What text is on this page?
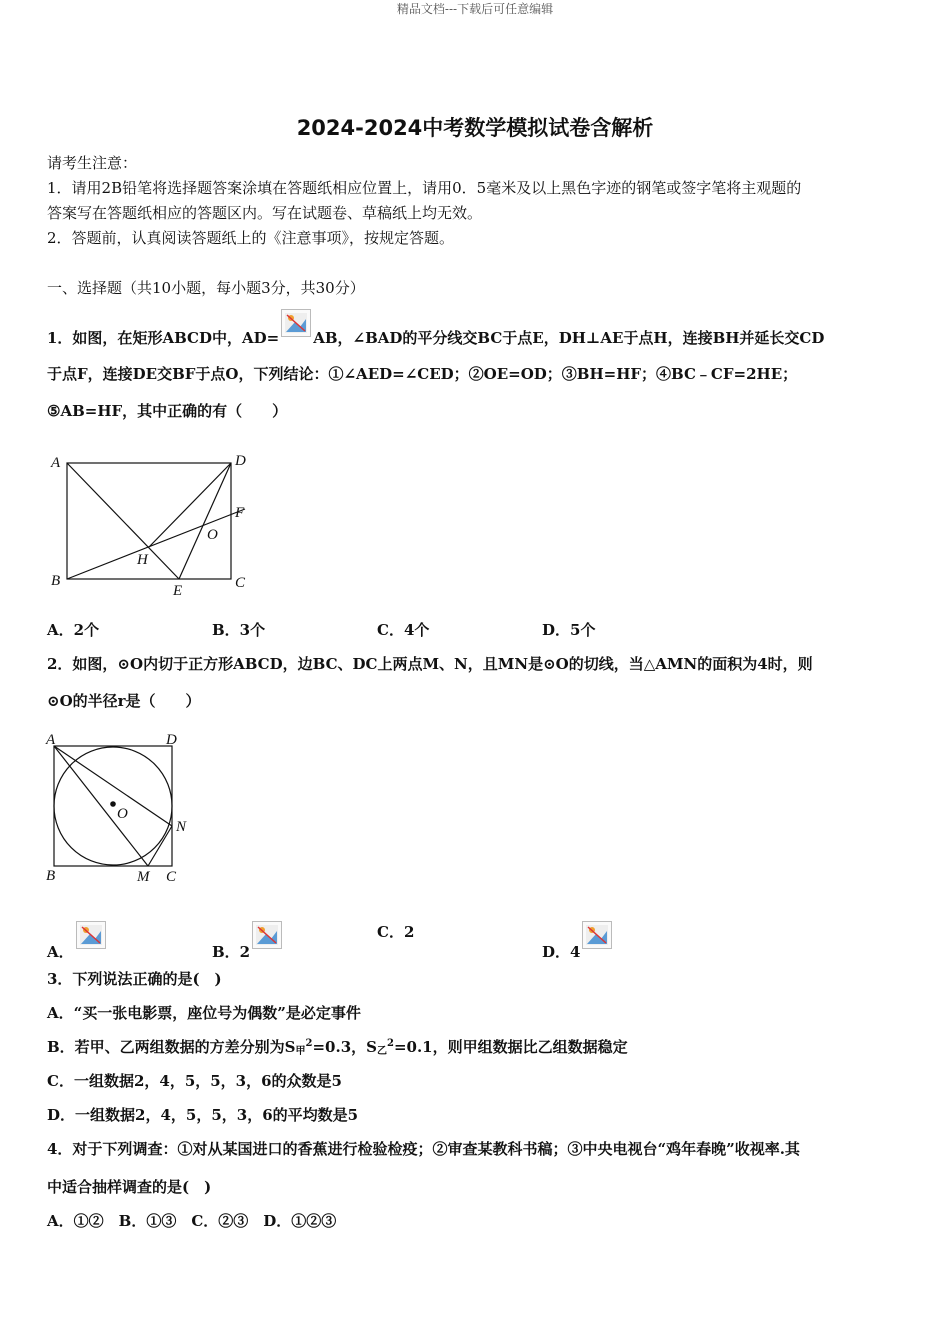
精品文档---下载后可任意编辑
2024-2024中考数学模拟试卷含解析
请考生注意：
1．请用2B铅笔将选择题答案涂填在答题纸相应位置上，请用0．5毫米及以上黑色字迹的钢笔或签字笔将主观题的
答案写在答题纸相应的答题区内。写在试题卷、草稿纸上均无效。
2．答题前，认真阅读答题纸上的《注意事项》，按规定答题。
一、选择题（共10小题，每小题3分，共30分）
1．如图，在矩形ABCD中，AD= AB，∠BAD的平分线交BC于点E，DH⊥AE于点H，连接BH并延长交CD
于点F，连接DE交BF于点O，下列结论：①∠AED=∠CED；②OE=OD；③BH=HF；④BC﹣CF=2HE；
⑤AB=HF，其中正确的有（　　）
A	D
F
O
H
B	C
E
A．2个	B．3个	C．4个	D．5个
2．如图，⊙O内切于正方形ABCD，边BC、DC上两点M、N，且MN是⊙O的切线，当△AMN的面积为4时，则
⊙O的半径r是（　　）
A	D
O
N
B	M C
A．	B．2
C．2
D．4
3．下列说法正确的是(　)
A．“买一张电影票，座位号为偶数”是必定事件
B．若甲、乙两组数据的方差分别为$S_甲^2=0.3$，$S_乙^2=0.1$，则甲组数据比乙组数据稳定
C．一组数据2，4，5，5，3，6的众数是5
D．一组数据2，4，5，5，3，6的平均数是5
4．对于下列调查：①对从某国进口的香蕉进行检验检疫；②审查某教科书稿；③中央电视台“鸡年春晚”收视率.其
中适合抽样调查的是(　)
A．①②　B．①③　C．②③　D．①②③
